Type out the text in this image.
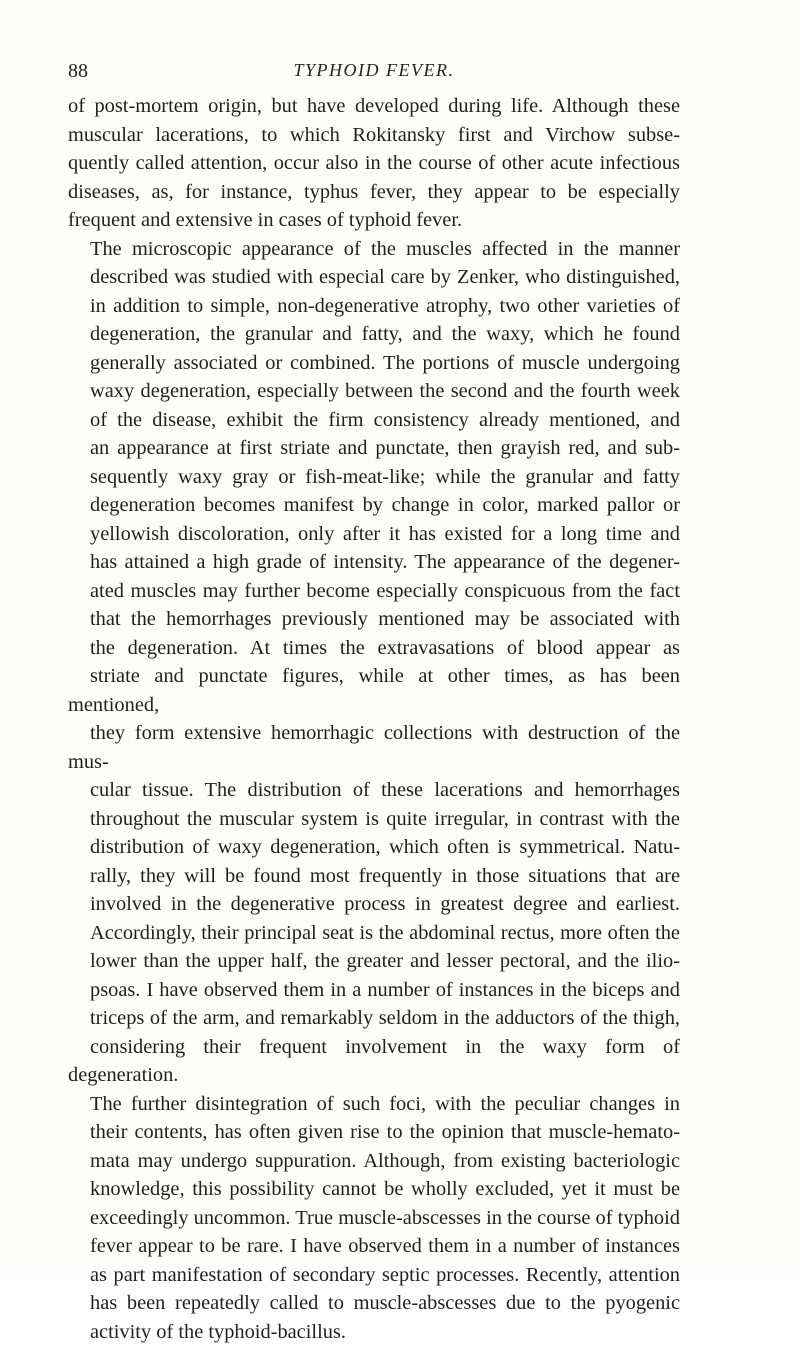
88	TYPHOID FEVER.

of post-mortem origin, but have developed during life. Although these
muscular lacerations, to which Rokitansky first and Virchow subse-
quently called attention, occur also in the course of other acute infectious
diseases, as, for instance, typhus fever, they appear to be especially
frequent and extensive in cases of typhoid fever.

The microscopic appearance of the muscles affected in the manner
described was studied with especial care by Zenker, who distinguished,
in addition to simple, non-degenerative atrophy, two other varieties of
degeneration, the granular and fatty, and the waxy, which he found
generally associated or combined. The portions of muscle undergoing
waxy degeneration, especially between the second and the fourth week
of the disease, exhibit the firm consistency already mentioned, and
an appearance at first striate and punctate, then grayish red, and sub-
sequently waxy gray or fish-meat-like; while the granular and fatty
degeneration becomes manifest by change in color, marked pallor or
yellowish discoloration, only after it has existed for a long time and
has attained a high grade of intensity. The appearance of the degener-
ated muscles may further become especially conspicuous from the fact
that the hemorrhages previously mentioned may be associated with
the degeneration. At times the extravasations of blood appear as
striate and punctate figures, while at other times, as has been mentioned,
they form extensive hemorrhagic collections with destruction of the mus-
cular tissue. The distribution of these lacerations and hemorrhages
throughout the muscular system is quite irregular, in contrast with the
distribution of waxy degeneration, which often is symmetrical. Natu-
rally, they will be found most frequently in those situations that are
involved in the degenerative process in greatest degree and earliest.
Accordingly, their principal seat is the abdominal rectus, more often the
lower than the upper half, the greater and lesser pectoral, and the ilio-
psoas. I have observed them in a number of instances in the biceps and
triceps of the arm, and remarkably seldom in the adductors of the thigh,
considering their frequent involvement in the waxy form of degeneration.
The further disintegration of such foci, with the peculiar changes in
their contents, has often given rise to the opinion that muscle-hemato-
mata may undergo suppuration. Although, from existing bacteriologic
knowledge, this possibility cannot be wholly excluded, yet it must be
exceedingly uncommon. True muscle-abscesses in the course of typhoid
fever appear to be rare. I have observed them in a number of instances
as part manifestation of secondary septic processes. Recently, attention
has been repeatedly called to muscle-abscesses due to the pyogenic
activity of the typhoid-bacillus.
